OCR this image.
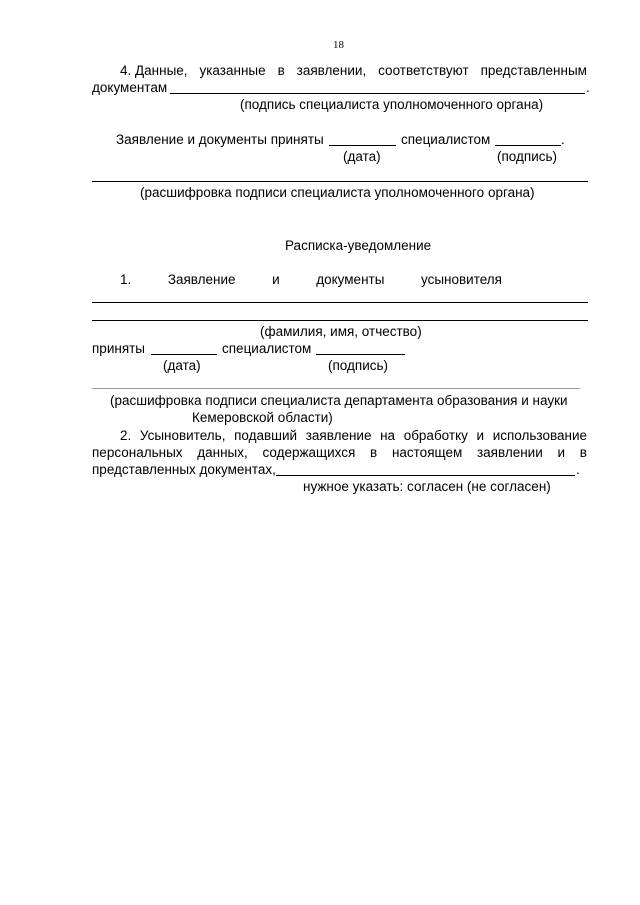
18
4. Данные, указанные в заявлении, соответствуют представленным
документам	.
(подпись специалиста уполномоченного органа)
Заявление и документы приняты	специалистом	.
(дата)	(подпись)
(расшифровка подписи специалиста уполномоченного органа)
Расписка-уведомление
1.	Заявление	и	документы	усыновителя
(фамилия, имя, отчество)
приняты	специалистом
(дата)	(подпись)
(расшифровка подписи специалиста департамента образования и науки
Кемеровской области)
2. Усыновитель, подавший заявление на обработку и использование
персональных данных, содержащихся в настоящем заявлении и в
представленных документах,	.
нужное указать: согласен (не согласен)
